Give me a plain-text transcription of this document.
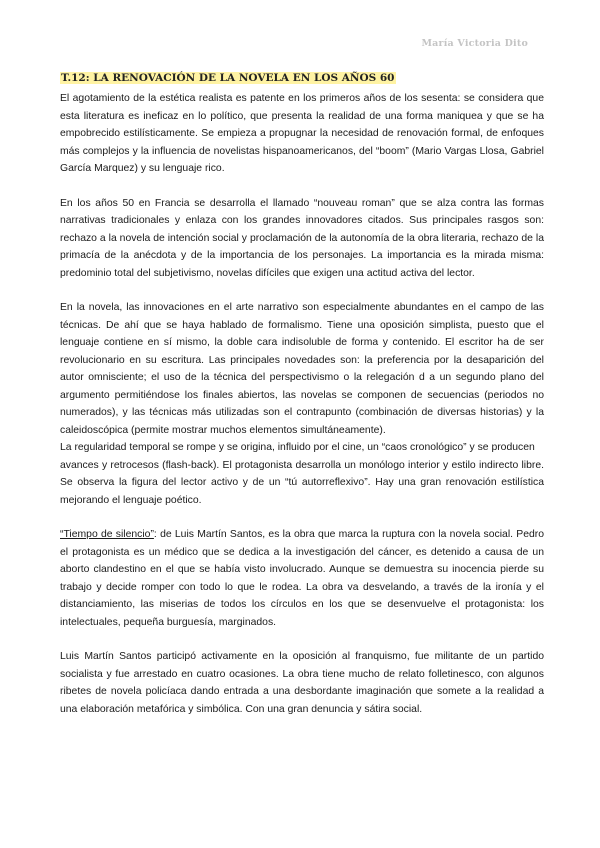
María Victoria Dito
T.12: LA RENOVACIÓN DE LA NOVELA EN LOS AÑOS 60

El agotamiento de la estética realista es patente en los primeros años de los sesenta: se considera que esta literatura es ineficaz en lo político, que presenta la realidad de una forma maniquea y que se ha empobrecido estilísticamente. Se empieza a propugnar la necesidad de renovación formal, de enfoques más complejos y la influencia de novelistas hispanoamericanos, del “boom” (Mario Vargas Llosa, Gabriel García Marquez) y su lenguaje rico.

En los años 50 en Francia se desarrolla el llamado “nouveau roman” que se alza contra las formas narrativas tradicionales y enlaza con los grandes innovadores citados. Sus principales rasgos son: rechazo a la novela de intención social y proclamación de la autonomía de la obra literaria, rechazo de la primacía de la anécdota y de la importancia de los personajes. La importancia es la mirada misma: predominio total del subjetivismo, novelas difíciles que exigen una actitud activa del lector.

En la novela, las innovaciones en el arte narrativo son especialmente abundantes en el campo de las técnicas. De ahí que se haya hablado de formalismo. Tiene una oposición simplista, puesto que el lenguaje contiene en sí mismo, la doble cara indisoluble de forma y contenido. El escritor ha de ser revolucionario en su escritura. Las principales novedades son: la preferencia por la desaparición del autor omnisciente; el uso de la técnica del perspectivismo o la relegación d a un segundo plano del argumento permitiéndose los finales abiertos, las novelas se componen de secuencias (periodos no numerados), y las técnicas más utilizadas son el contrapunto (combinación de diversas historias) y la caleidoscópica (permite mostrar muchos elementos simultáneamente).

La regularidad temporal se rompe y se origina, influido por el cine, un “caos cronológico” y se producen

avances y retrocesos (flash-back). El protagonista desarrolla un monólogo interior y estilo indirecto libre. Se observa la figura del lector activo y de un “tú autorreflexivo”. Hay una gran renovación estilística mejorando el lenguaje poético.

“Tiempo de silencio”: de Luis Martín Santos, es la obra que marca la ruptura con la novela social. Pedro el protagonista es un médico que se dedica a la investigación del cáncer, es detenido a causa de un aborto clandestino en el que se había visto involucrado. Aunque se demuestra su inocencia pierde su trabajo y decide romper con todo lo que le rodea. La obra va desvelando, a través de la ironía y el distanciamiento, las miserias de todos los círculos en los que se desenvuelve el protagonista: los intelectuales, pequeña burguesía, marginados.

Luis Martín Santos participó activamente en la oposición al franquismo, fue militante de un partido socialista y fue arrestado en cuatro ocasiones. La obra tiene mucho de relato folletinesco, con algunos ribetes de novela policíaca dando entrada a una desbordante imaginación que somete a la realidad a una elaboración metafórica y simbólica. Con una gran denuncia y sátira social.
